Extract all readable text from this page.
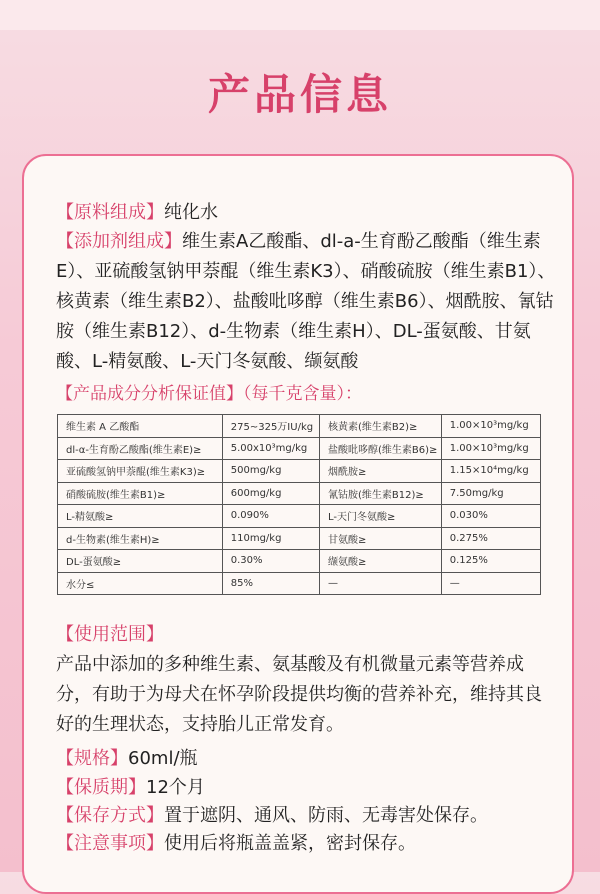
产品信息
【原料组成】纯化水
【添加剂组成】维生素A乙酸酯、dl-a-生育酚乙酸酯（维生素E）、亚硫酸氢钠甲萘醌（维生素K3）、硝酸硫胺（维生素B1）、核黄素（维生素B2）、盐酸吡哆醇（维生素B6）、烟酰胺、氰钴胺（维生素B12）、d-生物素（维生素H）、DL-蛋氨酸、甘氨酸、L-精氨酸、L-天门冬氨酸、缬氨酸
【产品成分分析保证值】（每千克含量）：
维生素 A 乙酸酯	275~325万IU/kg	核黄素(维生素B2)≥	1.00×10³mg/kg
dl-α-生育酚乙酸酯(维生素E)≥	5.00x10³mg/kg	盐酸吡哆醇(维生素B6)≥	1.00×10³mg/kg
亚硫酸氢钠甲萘醌(维生素K3)≥	500mg/kg	烟酰胺≥	1.15×10⁴mg/kg
硝酸硫胺(维生素B1)≥	600mg/kg	氰钴胺(维生素B12)≥	7.50mg/kg
L-精氨酸≥	0.090%	L-天门冬氨酸≥	0.030%
d-生物素(维生素H)≥	110mg/kg	甘氨酸≥	0.275%
DL-蛋氨酸≥	0.30%	缬氨酸≥	0.125%
水分≤	85%	—	—
【使用范围】
产品中添加的多种维生素、氨基酸及有机微量元素等营养成分，有助于为母犬在怀孕阶段提供均衡的营养补充，维持其良好的生理状态，支持胎儿正常发育。
【规格】60ml/瓶
【保质期】12个月
【保存方式】置于遮阴、通风、防雨、无毒害处保存。
【注意事项】使用后将瓶盖盖紧，密封保存。
